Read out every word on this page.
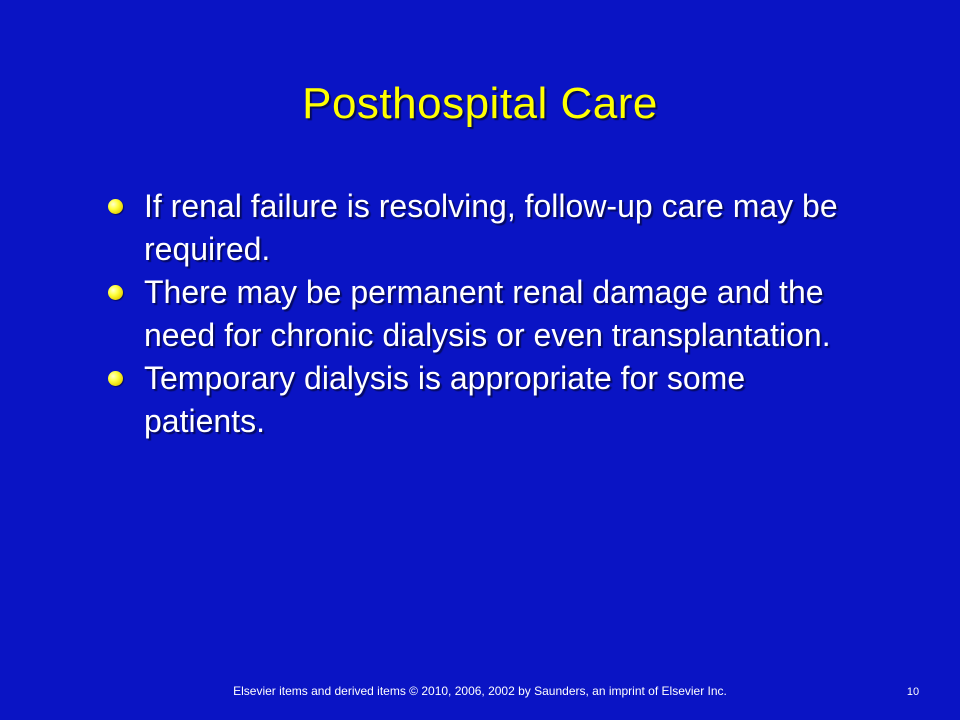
Posthospital Care
If renal failure is resolving, follow-up care may be required.
There may be permanent renal damage and the need for chronic dialysis or even transplantation.
Temporary dialysis is appropriate for some patients.
Elsevier items and derived items © 2010, 2006, 2002 by Saunders, an imprint of Elsevier Inc.	10
